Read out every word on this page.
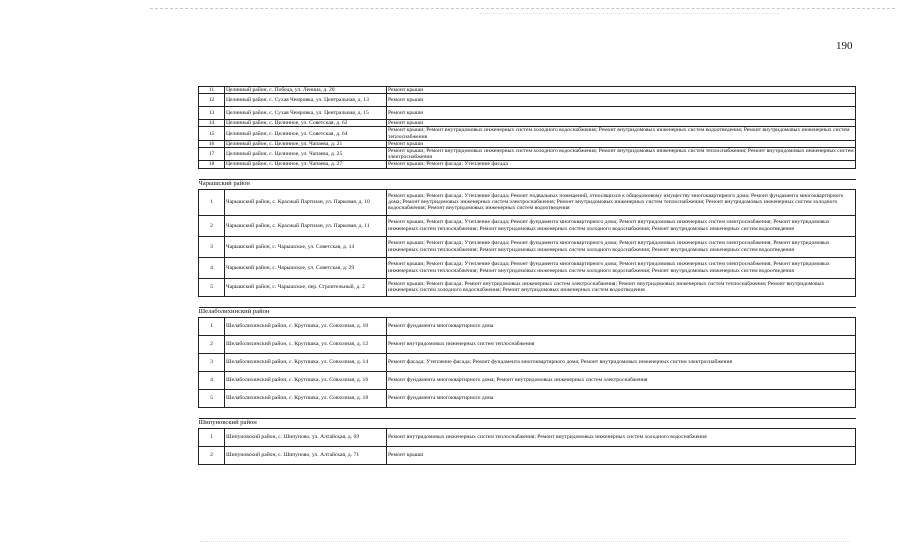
190
11	Целинный район, с. Победа, ул. Ленина, д. 20	Ремонт крыши
12	Целинный район, с. Сухая Чемровка, ул. Центральная, д. 13	Ремонт крыши
13	Целинный район, с. Сухая Чемровка, ул. Центральная, д. 15	Ремонт крыши
14	Целинный район, с. Целинное, ул. Советская, д. 62	Ремонт крыши
15	Целинный район, с. Целинное, ул. Советская, д. 64	Ремонт крыши; Ремонт внутридомовых инженерных систем холодного водоснабжения; Ремонт внутридомовых инженерных систем водоотведения; Ремонт внутридомовых инженерных систем теплоснабжения
16	Целинный район, с. Целинное, ул. Чапаева, д. 21	Ремонт крыши
17	Целинный район, с. Целинное, ул. Чапаева, д. 25	Ремонт крыши; Ремонт внутридомовых инженерных систем холодного водоснабжения; Ремонт внутридомовых инженерных систем теплоснабжения; Ремонт внутридомовых инженерных систем электроснабжения
18	Целинный район, с. Целинное, ул. Чапаева, д. 27	Ремонт крыши; Ремонт фасада; Утепление фасада

Чарышский район		
1	Чарышский район, с. Красный Партизан, ул. Парковая, д. 10	Ремонт крыши; Ремонт фасада; Утепление фасада; Ремонт подвальных помещений, относящихся к общедомовому имуществу многоквартирного дома; Ремонт фундамента многоквартирного дома; Ремонт внутридомовых инженерных систем электроснабжения; Ремонт внутридомовых инженерных систем теплоснабжения; Ремонт внутридомовых инженерных систем холодного водоснабжения; Ремонт внутридомовых инженерных систем водоотведения
2	Чарышский район, с. Красный Партизан, ул. Парковая, д. 11	Ремонт крыши; Ремонт фасада; Утепление фасада; Ремонт фундамента многоквартирного дома; Ремонт внутридомовых инженерных систем электроснабжения; Ремонт внутридомовых инженерных систем теплоснабжения; Ремонт внутридомовых инженерных систем холодного водоснабжения; Ремонт внутридомовых инженерных систем водоотведения
3	Чарышский район, с. Чарышское, ул. Советская, д. 14	Ремонт крыши; Ремонт фасада; Утепление фасада; Ремонт фундамента многоквартирного дома; Ремонт внутридомовых инженерных систем электроснабжения; Ремонт внутридомовых инженерных систем теплоснабжения; Ремонт внутридомовых инженерных систем холодного водоснабжения; Ремонт внутридомовых инженерных систем водоотведения
4	Чарышский район, с. Чарышское, ул. Советская, д. 29	Ремонт крыши; Ремонт фасада; Утепление фасада; Ремонт фундамента многоквартирного дома; Ремонт внутридомовых инженерных систем электроснабжения; Ремонт внутридомовых инженерных систем теплоснабжения; Ремонт внутридомовых инженерных систем холодного водоснабжения; Ремонт внутридомовых инженерных систем водоотведения
5	Чарышский район, с. Чарышское, пер. Строительный, д. 2	Ремонт крыши; Ремонт фасада; Ремонт внутридомовых инженерных систем электроснабжения; Ремонт внутридомовых инженерных систем теплоснабжения; Ремонт внутридомовых инженерных систем холодного водоснабжения; Ремонт внутридомовых инженерных систем водоотведения

Шелаболихинский район		
1	Шелаболихинский район, с. Крутишка, ул. Совхозная, д. 10	Ремонт фундамента многоквартирного дома
2	Шелаболихинский район, с. Крутишка, ул. Совхозная, д. 12	Ремонт внутридомовых инженерных систем теплоснабжения
3	Шелаболихинский район, с. Крутишка, ул. Совхозная, д. 14	Ремонт фасада; Утепление фасада; Ремонт фундамента многоквартирного дома; Ремонт внутридомовых инженерных систем электроснабжения
4	Шелаболихинский район, с. Крутишка, ул. Совхозная, д. 16	Ремонт фундамента многоквартирного дома; Ремонт внутридомовых инженерных систем электроснабжения
5	Шелаболихинский район, с. Крутишка, ул. Совхозная, д. 18	Ремонт фундамента многоквартирного дома

Шипуновский район		
1	Шипуновский район, с. Шипуново, ул. Алтайская, д. 69	Ремонт внутридомовых инженерных систем теплоснабжения; Ремонт внутридомовых инженерных систем холодного водоснабжения
2	Шипуновский район, с. Шипуново, ул. Алтайская, д. 71	Ремонт крыши
